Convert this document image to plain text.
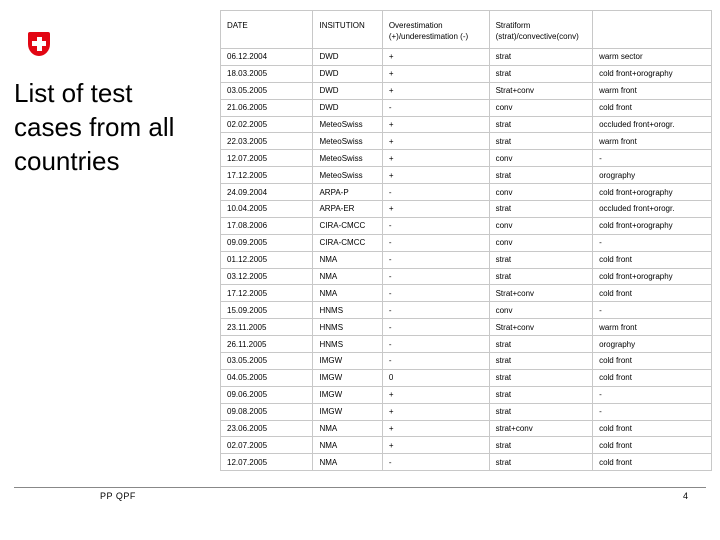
List of test cases from all countries
DATE	INSITUTION	Overestimation (+)/underestimation (-)	Stratiform (strat)/convective(conv)	
06.12.2004	DWD	+	strat	warm sector
18.03.2005	DWD	+	strat	cold front+orography
03.05.2005	DWD	+	Strat+conv	warm front
21.06.2005	DWD	-	conv	cold front
02.02.2005	MeteoSwiss	+	strat	occluded front+orogr.
22.03.2005	MeteoSwiss	+	strat	warm front
12.07.2005	MeteoSwiss	+	conv	-
17.12.2005	MeteoSwiss	+	strat	orography
24.09.2004	ARPA-P	-	conv	cold front+orography
10.04.2005	ARPA-ER	+	strat	occluded front+orogr.
17.08.2006	CIRA-CMCC	-	conv	cold front+orography
09.09.2005	CIRA-CMCC	-	conv	-
01.12.2005	NMA	-	strat	cold front
03.12.2005	NMA	-	strat	cold front+orography
17.12.2005	NMA	-	Strat+conv	cold front
15.09.2005	HNMS	-	conv	-
23.11.2005	HNMS	-	Strat+conv	warm front
26.11.2005	HNMS	-	strat	orography
03.05.2005	IMGW	-	strat	cold front
04.05.2005	IMGW	0	strat	cold front
09.06.2005	IMGW	+	strat	-
09.08.2005	IMGW	+	strat	-
23.06.2005	NMA	+	strat+conv	cold front
02.07.2005	NMA	+	strat	cold front
12.07.2005	NMA	-	strat	cold front
PP QPF	4
